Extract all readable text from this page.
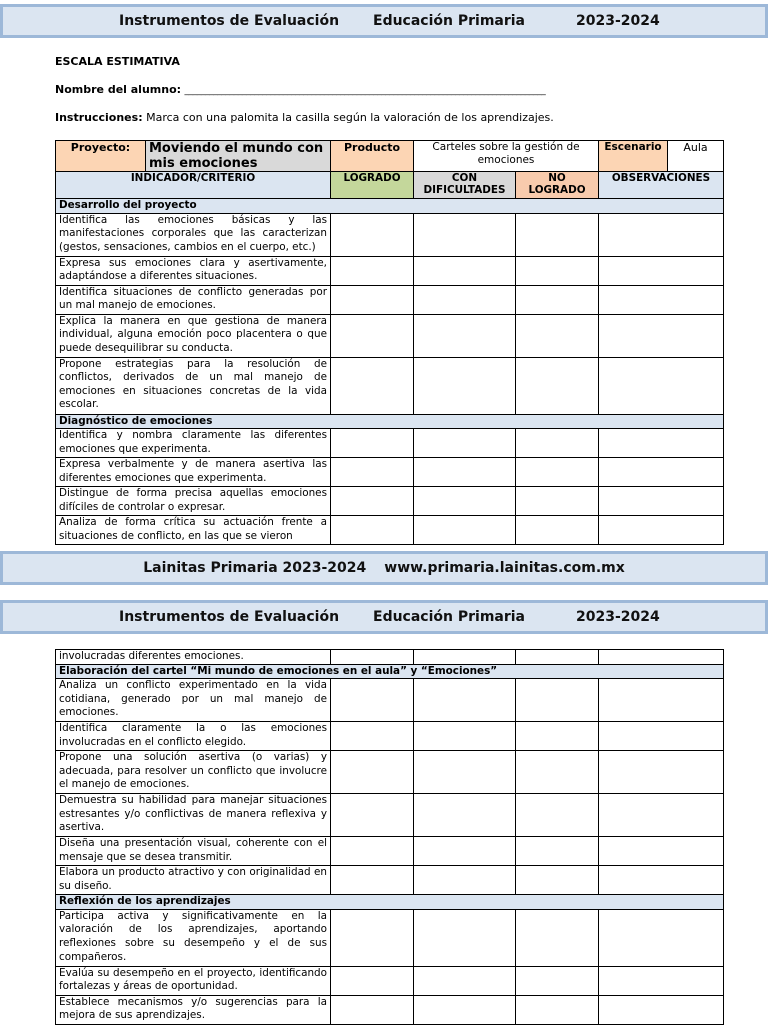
Instrumentos de Evaluación Educación Primaria	2023-2024
ESCALA ESTIMATIVA
Nombre del alumno: ________________________________________________________________________________________
Instrucciones: Marca con una palomita la casilla según la valoración de los aprendizajes.
Proyecto:	Moviendo el mundo con mis emociones	Producto	Carteles sobre la gestión de emociones		Escenario	Aula
INDICADOR/CRITERIO		LOGRADO	CON DIFICULTADES	NO LOGRADO	OBSERVACIONES	
Desarrollo del proyecto						
Identifica las emociones básicas y las manifestaciones corporales que las caracterizan (gestos, sensaciones, cambios en el cuerpo, etc.)						
Expresa sus emociones clara y asertivamente, adaptándose a diferentes situaciones.						
Identifica situaciones de conflicto generadas por un mal manejo de emociones.						
Explica la manera en que gestiona de manera individual, alguna emoción poco placentera o que puede desequilibrar su conducta.						
Propone estrategias para la resolución de conflictos, derivados de un mal manejo de emociones en situaciones concretas de la vida escolar.						
Diagnóstico de emociones						
Identifica y nombra claramente las diferentes emociones que experimenta.						
Expresa verbalmente y de manera asertiva las diferentes emociones que experimenta.						
Distingue de forma precisa aquellas emociones difíciles de controlar o expresar.						
Analiza de forma crítica su actuación frente a situaciones de conflicto, en las que se vieron						
Lainitas Primaria 2023-2024 www.primaria.lainitas.com.mx
Instrumentos de Evaluación Educación Primaria	2023-2024
involucradas diferentes emociones.				
Elaboración del cartel “Mi mundo de emociones en el aula” y “Emociones”				
Analiza un conflicto experimentado en la vida cotidiana, generado por un mal manejo de emociones.				
Identifica claramente la o las emociones involucradas en el conflicto elegido.				
Propone una solución asertiva (o varias) y adecuada, para resolver un conflicto que involucre el manejo de emociones.				
Demuestra su habilidad para manejar situaciones estresantes y/o conflictivas de manera reflexiva y asertiva.				
Diseña una presentación visual, coherente con el mensaje que se desea transmitir.				
Elabora un producto atractivo y con originalidad en su diseño.				
Reflexión de los aprendizajes				
Participa activa y significativamente en la valoración de los aprendizajes, aportando reflexiones sobre su desempeño y el de sus compañeros.				
Evalúa su desempeño en el proyecto, identificando fortalezas y áreas de oportunidad.				
Establece mecanismos y/o sugerencias para la mejora de sus aprendizajes.				
